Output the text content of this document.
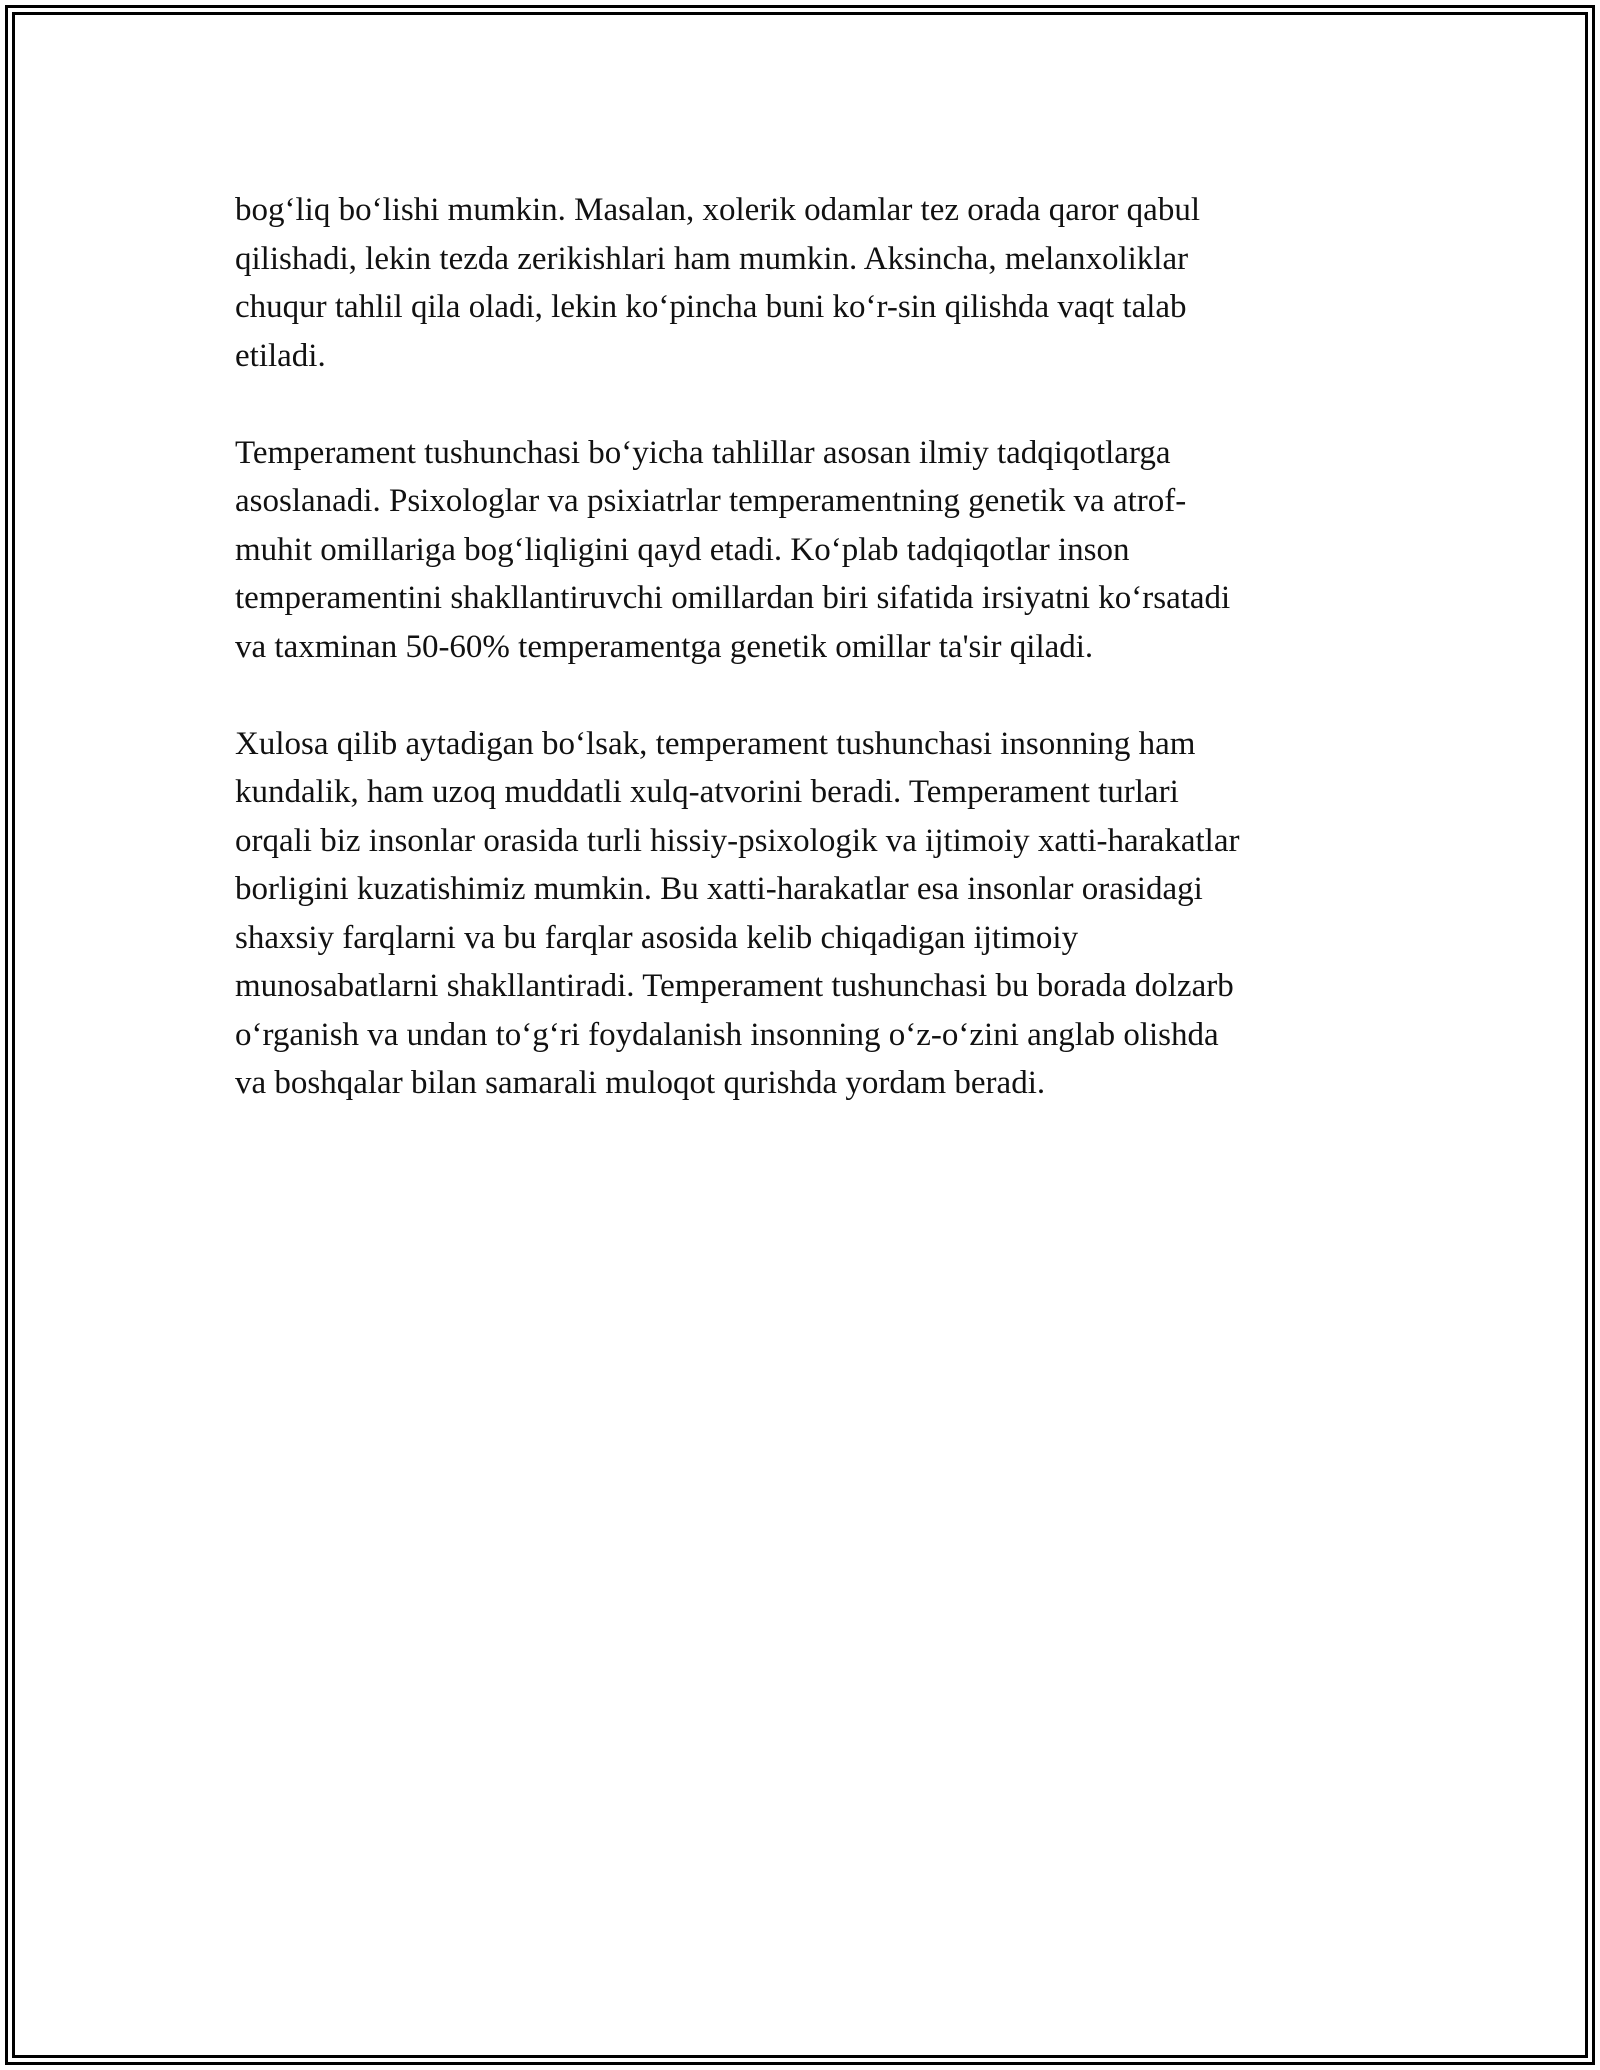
bog‘liq bo‘lishi mumkin. Masalan, xolerik odamlar tez orada qaror qabul
qilishadi, lekin tezda zerikishlari ham mumkin. Aksincha, melanxoliklar
chuqur tahlil qila oladi, lekin ko‘pincha buni ko‘r-sin qilishda vaqt talab
etiladi.

Temperament tushunchasi bo‘yicha tahlillar asosan ilmiy tadqiqotlarga
asoslanadi. Psixologlar va psixiatrlar temperamentning genetik va atrof-
muhit omillariga bog‘liqligini qayd etadi. Ko‘plab tadqiqotlar inson
temperamentini shakllantiruvchi omillardan biri sifatida irsiyatni ko‘rsatadi
va taxminan 50-60% temperamentga genetik omillar ta'sir qiladi.

Xulosa qilib aytadigan bo‘lsak, temperament tushunchasi insonning ham
kundalik, ham uzoq muddatli xulq-atvorini beradi. Temperament turlari
orqali biz insonlar orasida turli hissiy-psixologik va ijtimoiy xatti-harakatlar
borligini kuzatishimiz mumkin. Bu xatti-harakatlar esa insonlar orasidagi
shaxsiy farqlarni va bu farqlar asosida kelib chiqadigan ijtimoiy
munosabatlarni shakllantiradi. Temperament tushunchasi bu borada dolzarb
o‘rganish va undan to‘g‘ri foydalanish insonning o‘z-o‘zini anglab olishda
va boshqalar bilan samarali muloqot qurishda yordam beradi.
